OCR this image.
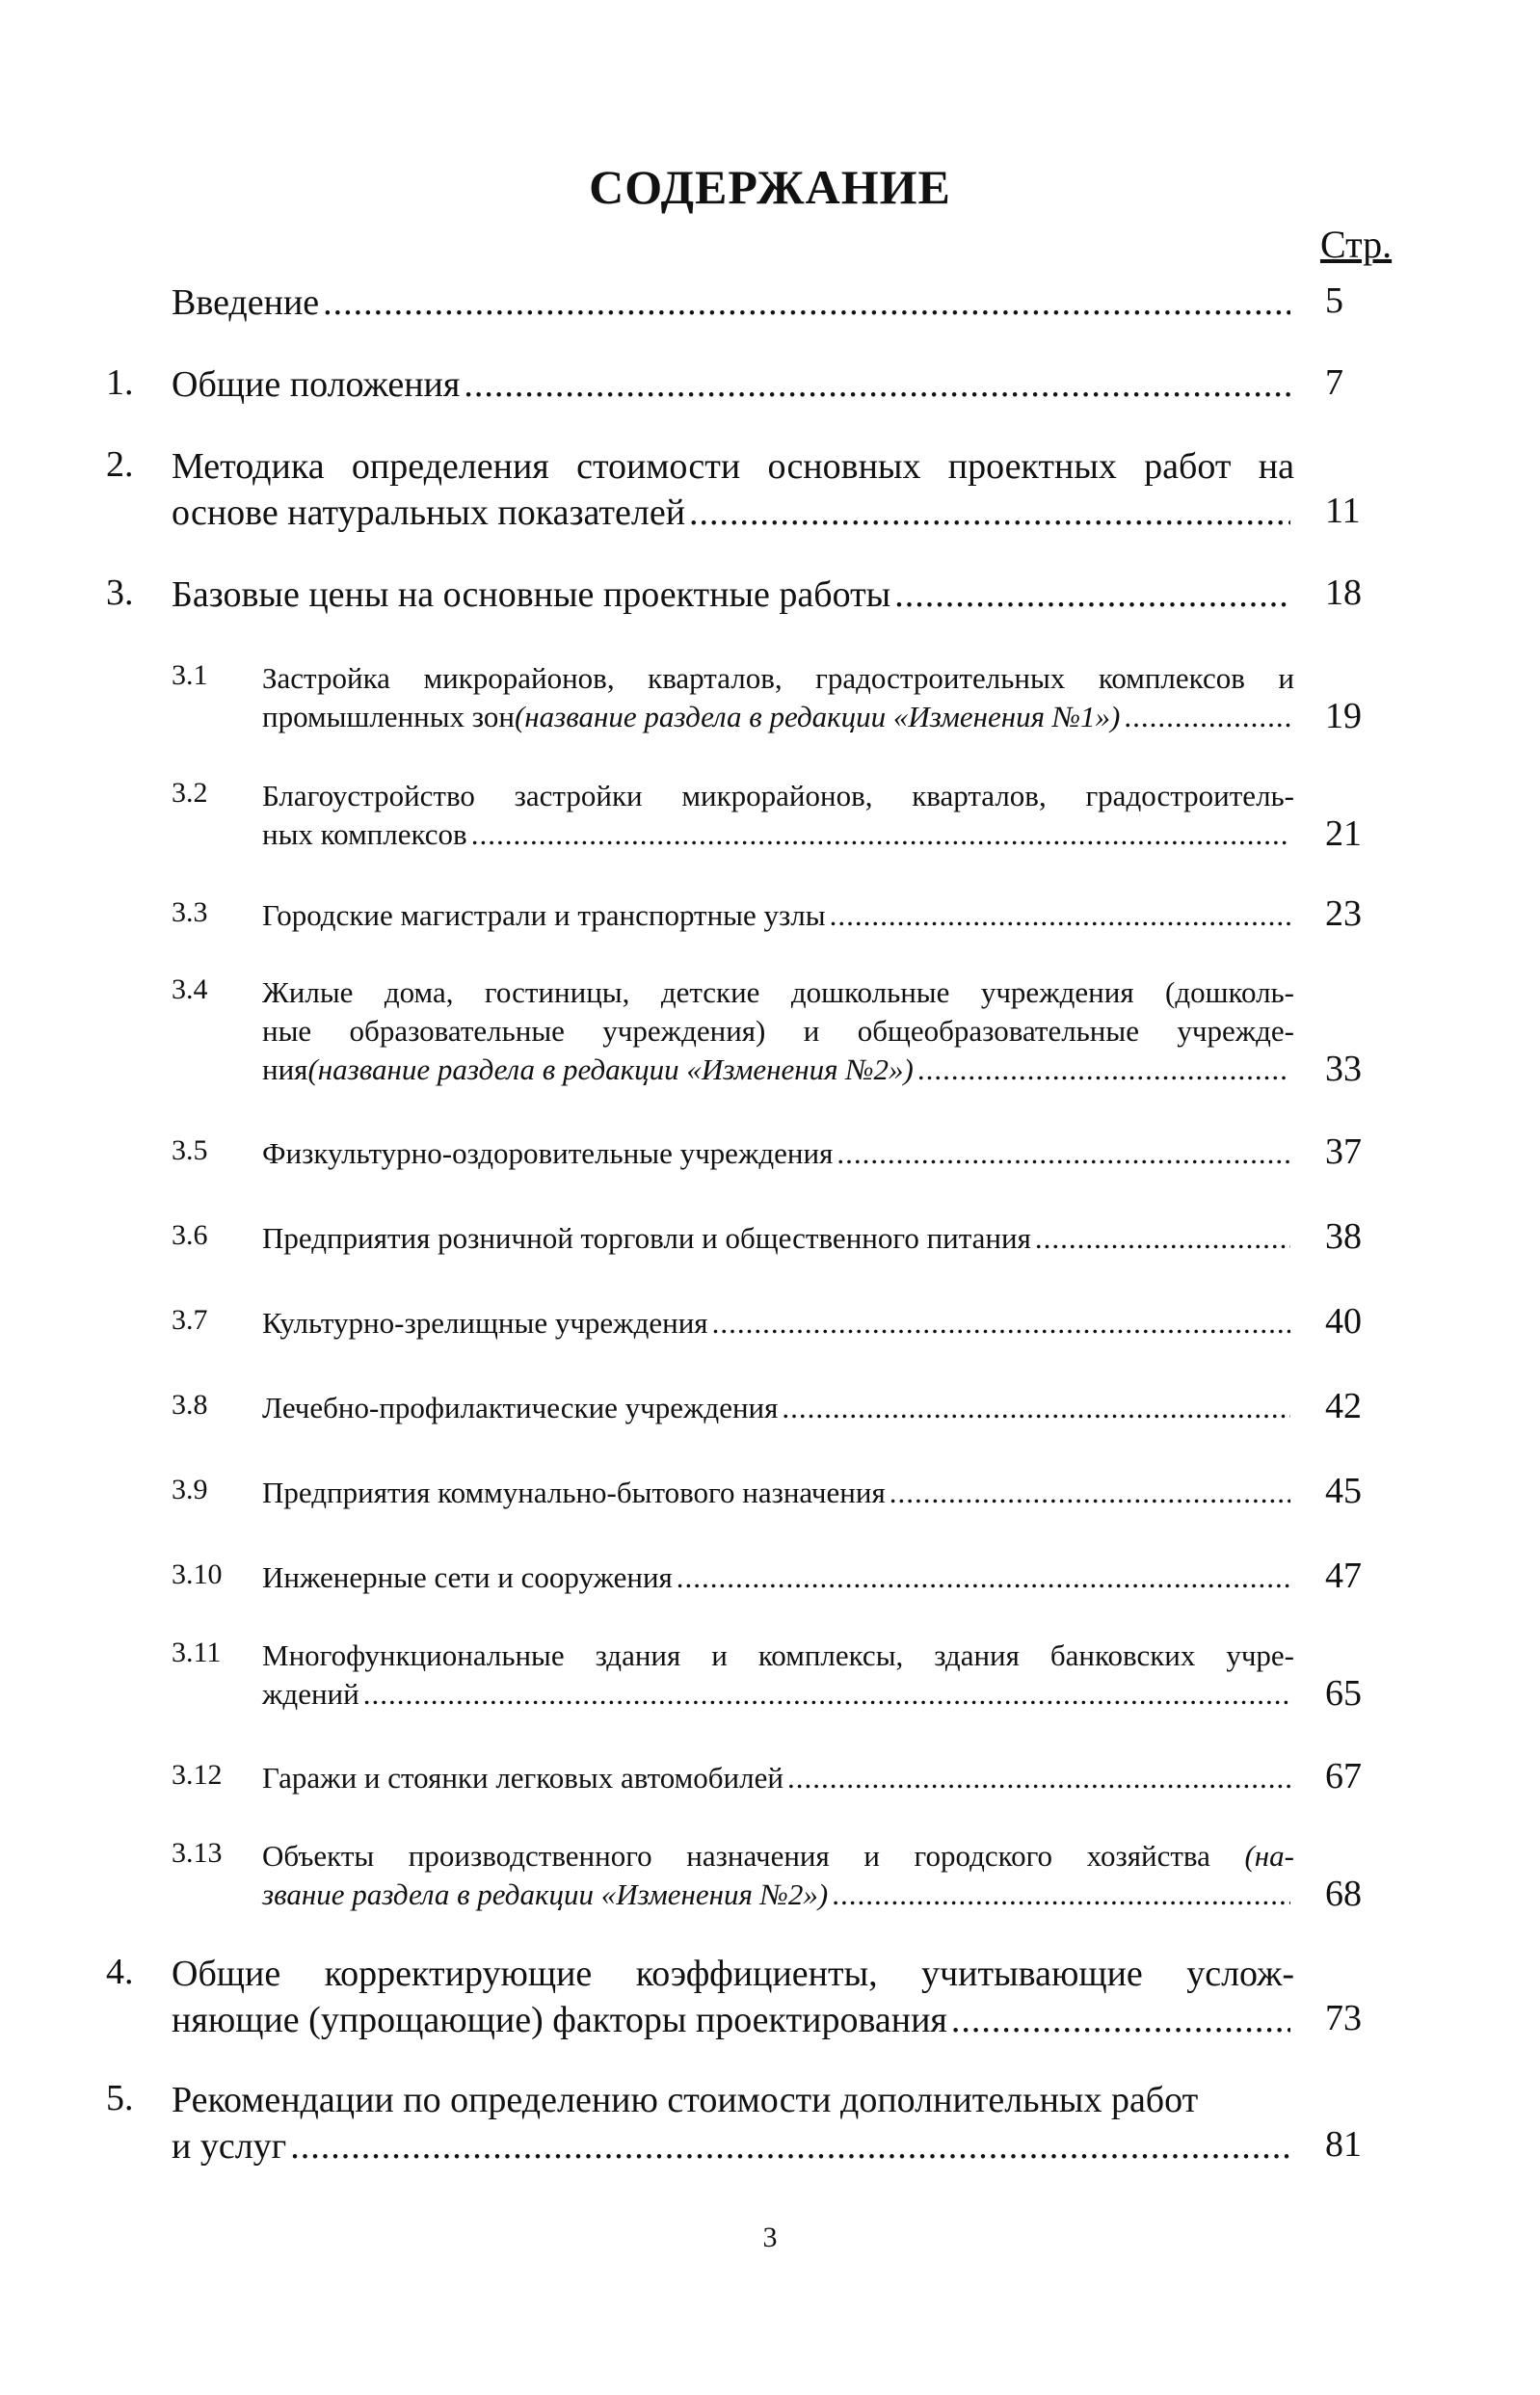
СОДЕРЖАНИЕ
Стр.
Введение .....	5
1. Общие положения .....	7
2. Методика определения стоимости основных проектных работ на
основе натуральных показателей .....	11
3. Базовые цены на основные проектные работы .....	18
3.1 Застройка микрорайонов, кварталов, градостроительных комплексов и
промышленных зон (название раздела в редакции «Изменения №1») .....	19
3.2 Благоустройство застройки микрорайонов, кварталов, градостроитель-
ных комплексов .....	21
3.3 Городские магистрали и транспортные узлы .....	23
3.4 Жилые дома, гостиницы, детские дошкольные учреждения (дошколь-
ные образовательные учреждения) и общеобразовательные учрежде-
ния (название раздела в редакции «Изменения №2») .....	33
3.5 Физкультурно-оздоровительные учреждения .....	37
3.6 Предприятия розничной торговли и общественного питания .....	38
3.7 Культурно-зрелищные учреждения .....	40
3.8 Лечебно-профилактические учреждения .....	42
3.9 Предприятия коммунально-бытового назначения .....	45
3.10 Инженерные сети и сооружения .....	47
3.11 Многофункциональные здания и комплексы, здания банковских учре-
ждений .....	65
3.12 Гаражи и стоянки легковых автомобилей .....	67
3.13 Объекты производственного назначения и городского хозяйства (на-
звание раздела в редакции «Изменения №2») .....	68
4. Общие корректирующие коэффициенты, учитывающие услож-
няющие (упрощающие) факторы проектирования .....	73
5. Рекомендации по определению стоимости дополнительных работ
и услуг .....	81
3
